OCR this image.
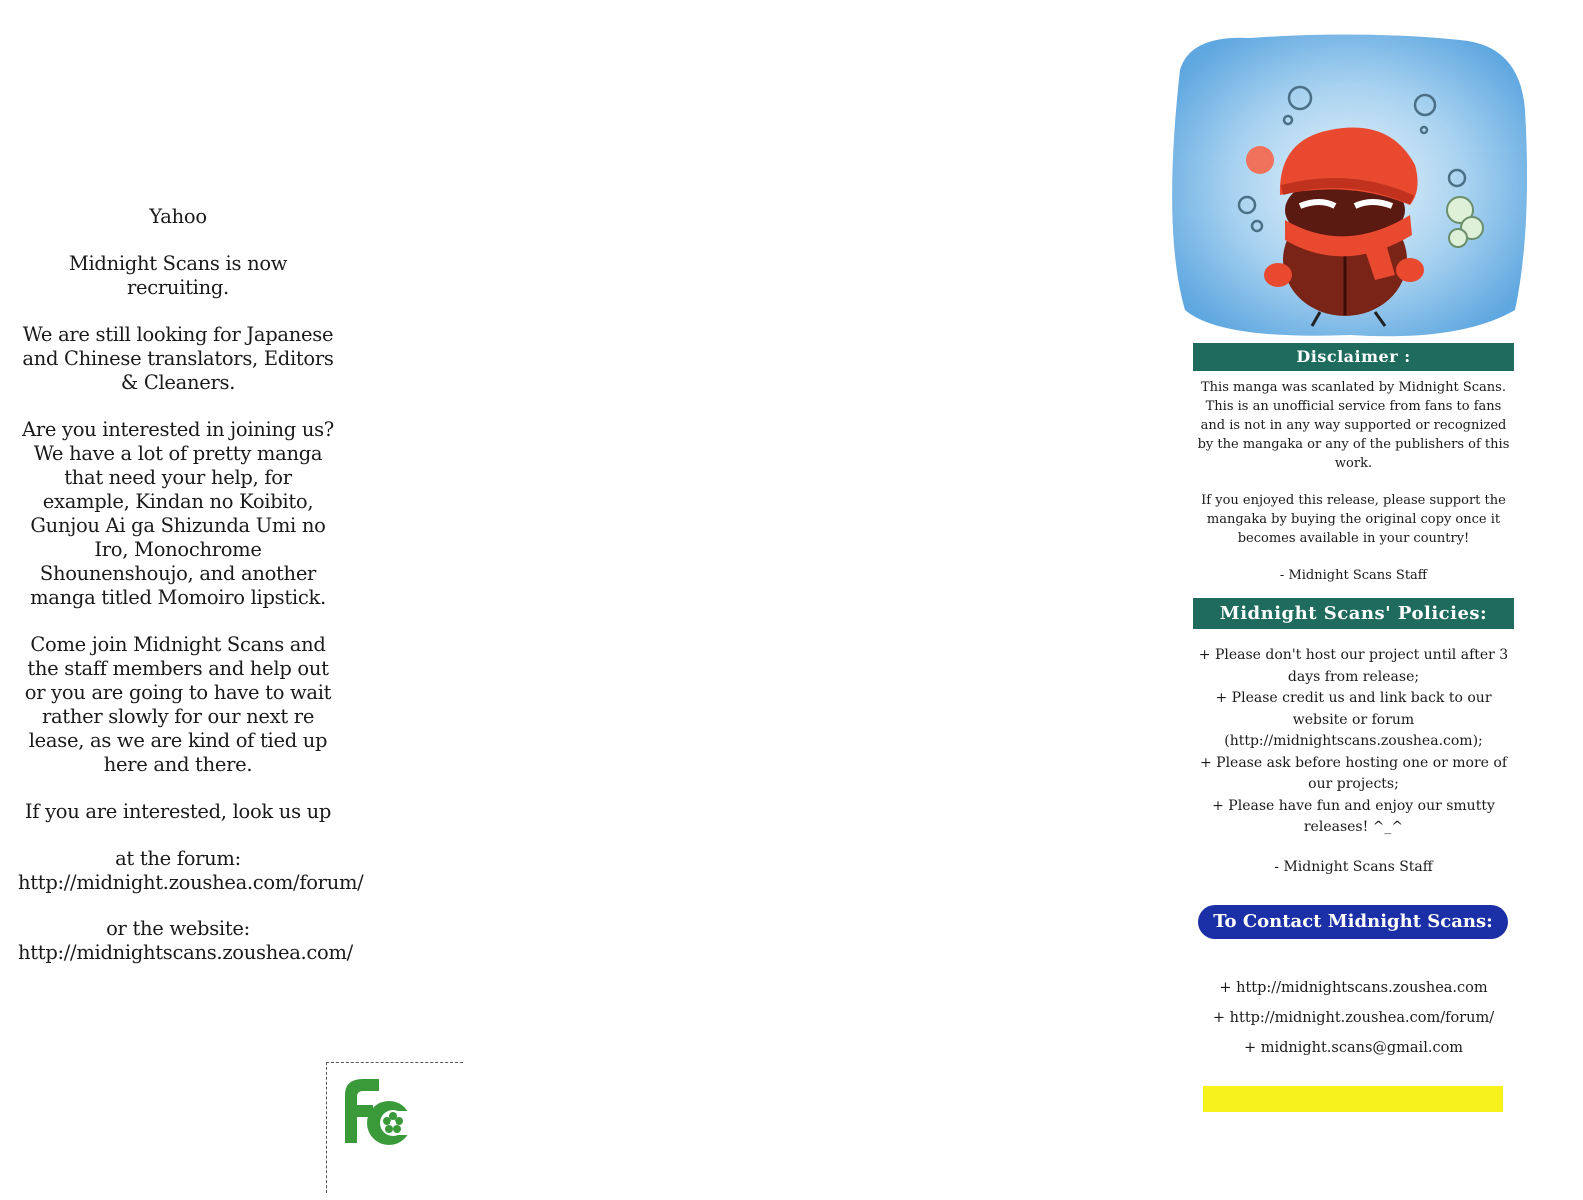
Yahoo

Midnight Scans is now recruiting.

We are still looking for Japanese and Chinese translators, Editors & Cleaners.

Are you interested in joining us? We have a lot of pretty manga that need your help, for example, Kindan no Koibito, Gunjou Ai ga Shizunda Umi no Iro, Monochrome Shounenshoujo, and another manga titled Momoiro lipstick.

Come join Midnight Scans and the staff members and help out or you are going to have to wait rather slowly for our next re lease, as we are kind of tied up here and there.

If you are interested, look us up

at the forum:
http://midnight.zoushea.com/forum/

or the website:
http://midnightscans.zoushea.com/

Disclaimer :

This manga was scanlated by Midnight Scans. This is an unofficial service from fans to fans and is not in any way supported or recognized by the mangaka or any of the publishers of this work.

If you enjoyed this release, please support the mangaka by buying the original copy once it becomes available in your country!

- Midnight Scans Staff

Midnight Scans' Policies:

+ Please don't host our project until after 3 days from release;

+ Please credit us and link back to our website or forum (http://midnightscans.zoushea.com);

+ Please ask before hosting one or more of our projects;

+ Please have fun and enjoy our smutty releases! ^_^

- Midnight Scans Staff

To Contact Midnight Scans:

+ http://midnightscans.zoushea.com

+ http://midnight.zoushea.com/forum/

+ midnight.scans@gmail.com
